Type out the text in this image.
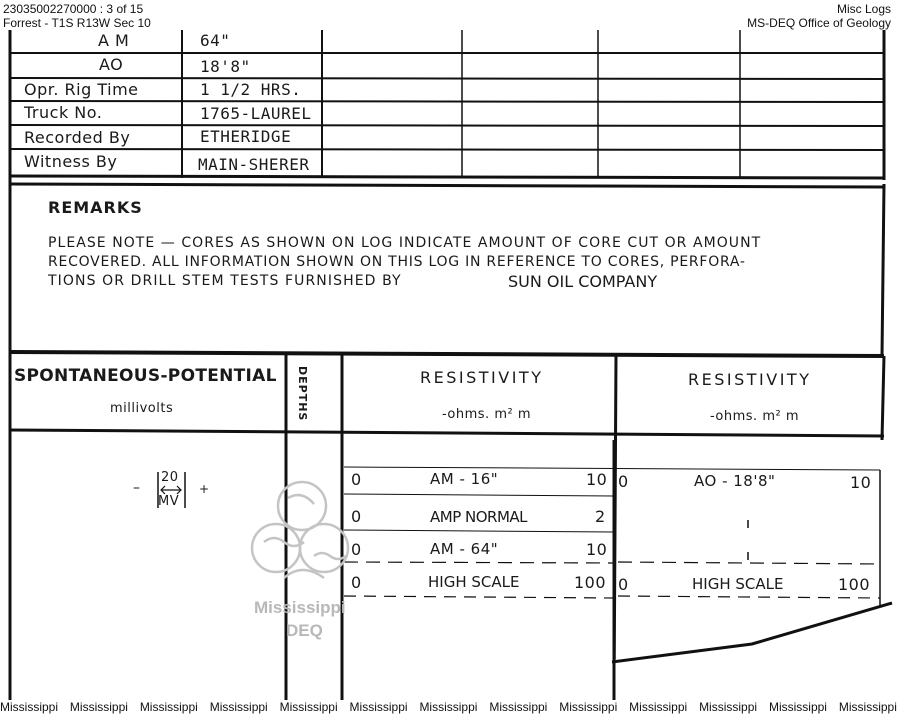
23035002270000 : 3 of 15
Forrest - T1S R13W Sec 10
Misc Logs
MS-DEQ Office of Geology
A M	64"
AO	18'8"
Opr. Rig Time	1 1/2 HRS.
Truck No.	1765-LAUREL
Recorded By	ETHERIDGE
Witness By	MAIN-SHERER
REMARKS
PLEASE NOTE — CORES AS SHOWN ON LOG INDICATE AMOUNT OF CORE CUT OR AMOUNT
RECOVERED. ALL INFORMATION SHOWN ON THIS LOG IN REFERENCE TO CORES, PERFORA-
TIONS OR DRILL STEM TESTS FURNISHED BY	SUN OIL COMPANY
SPONTANEOUS-POTENTIAL
millivolts	DEPTHS	RESISTIVITY
-ohms. m² m
RESISTIVITY
-ohms. m² m
–
20
MV
+	0	AM - 16"	10
0	AMP NORMAL	2
0	AM - 64"	10
0	HIGH SCALE	100
0	AO - 18'8"	10
0	HIGH SCALE	100
Mississippi
DEQ
Mississippi Mississippi Mississippi Mississippi Mississippi Mississippi Mississippi Mississippi Mississippi Mississippi Mississippi Mississippi Mississippi
